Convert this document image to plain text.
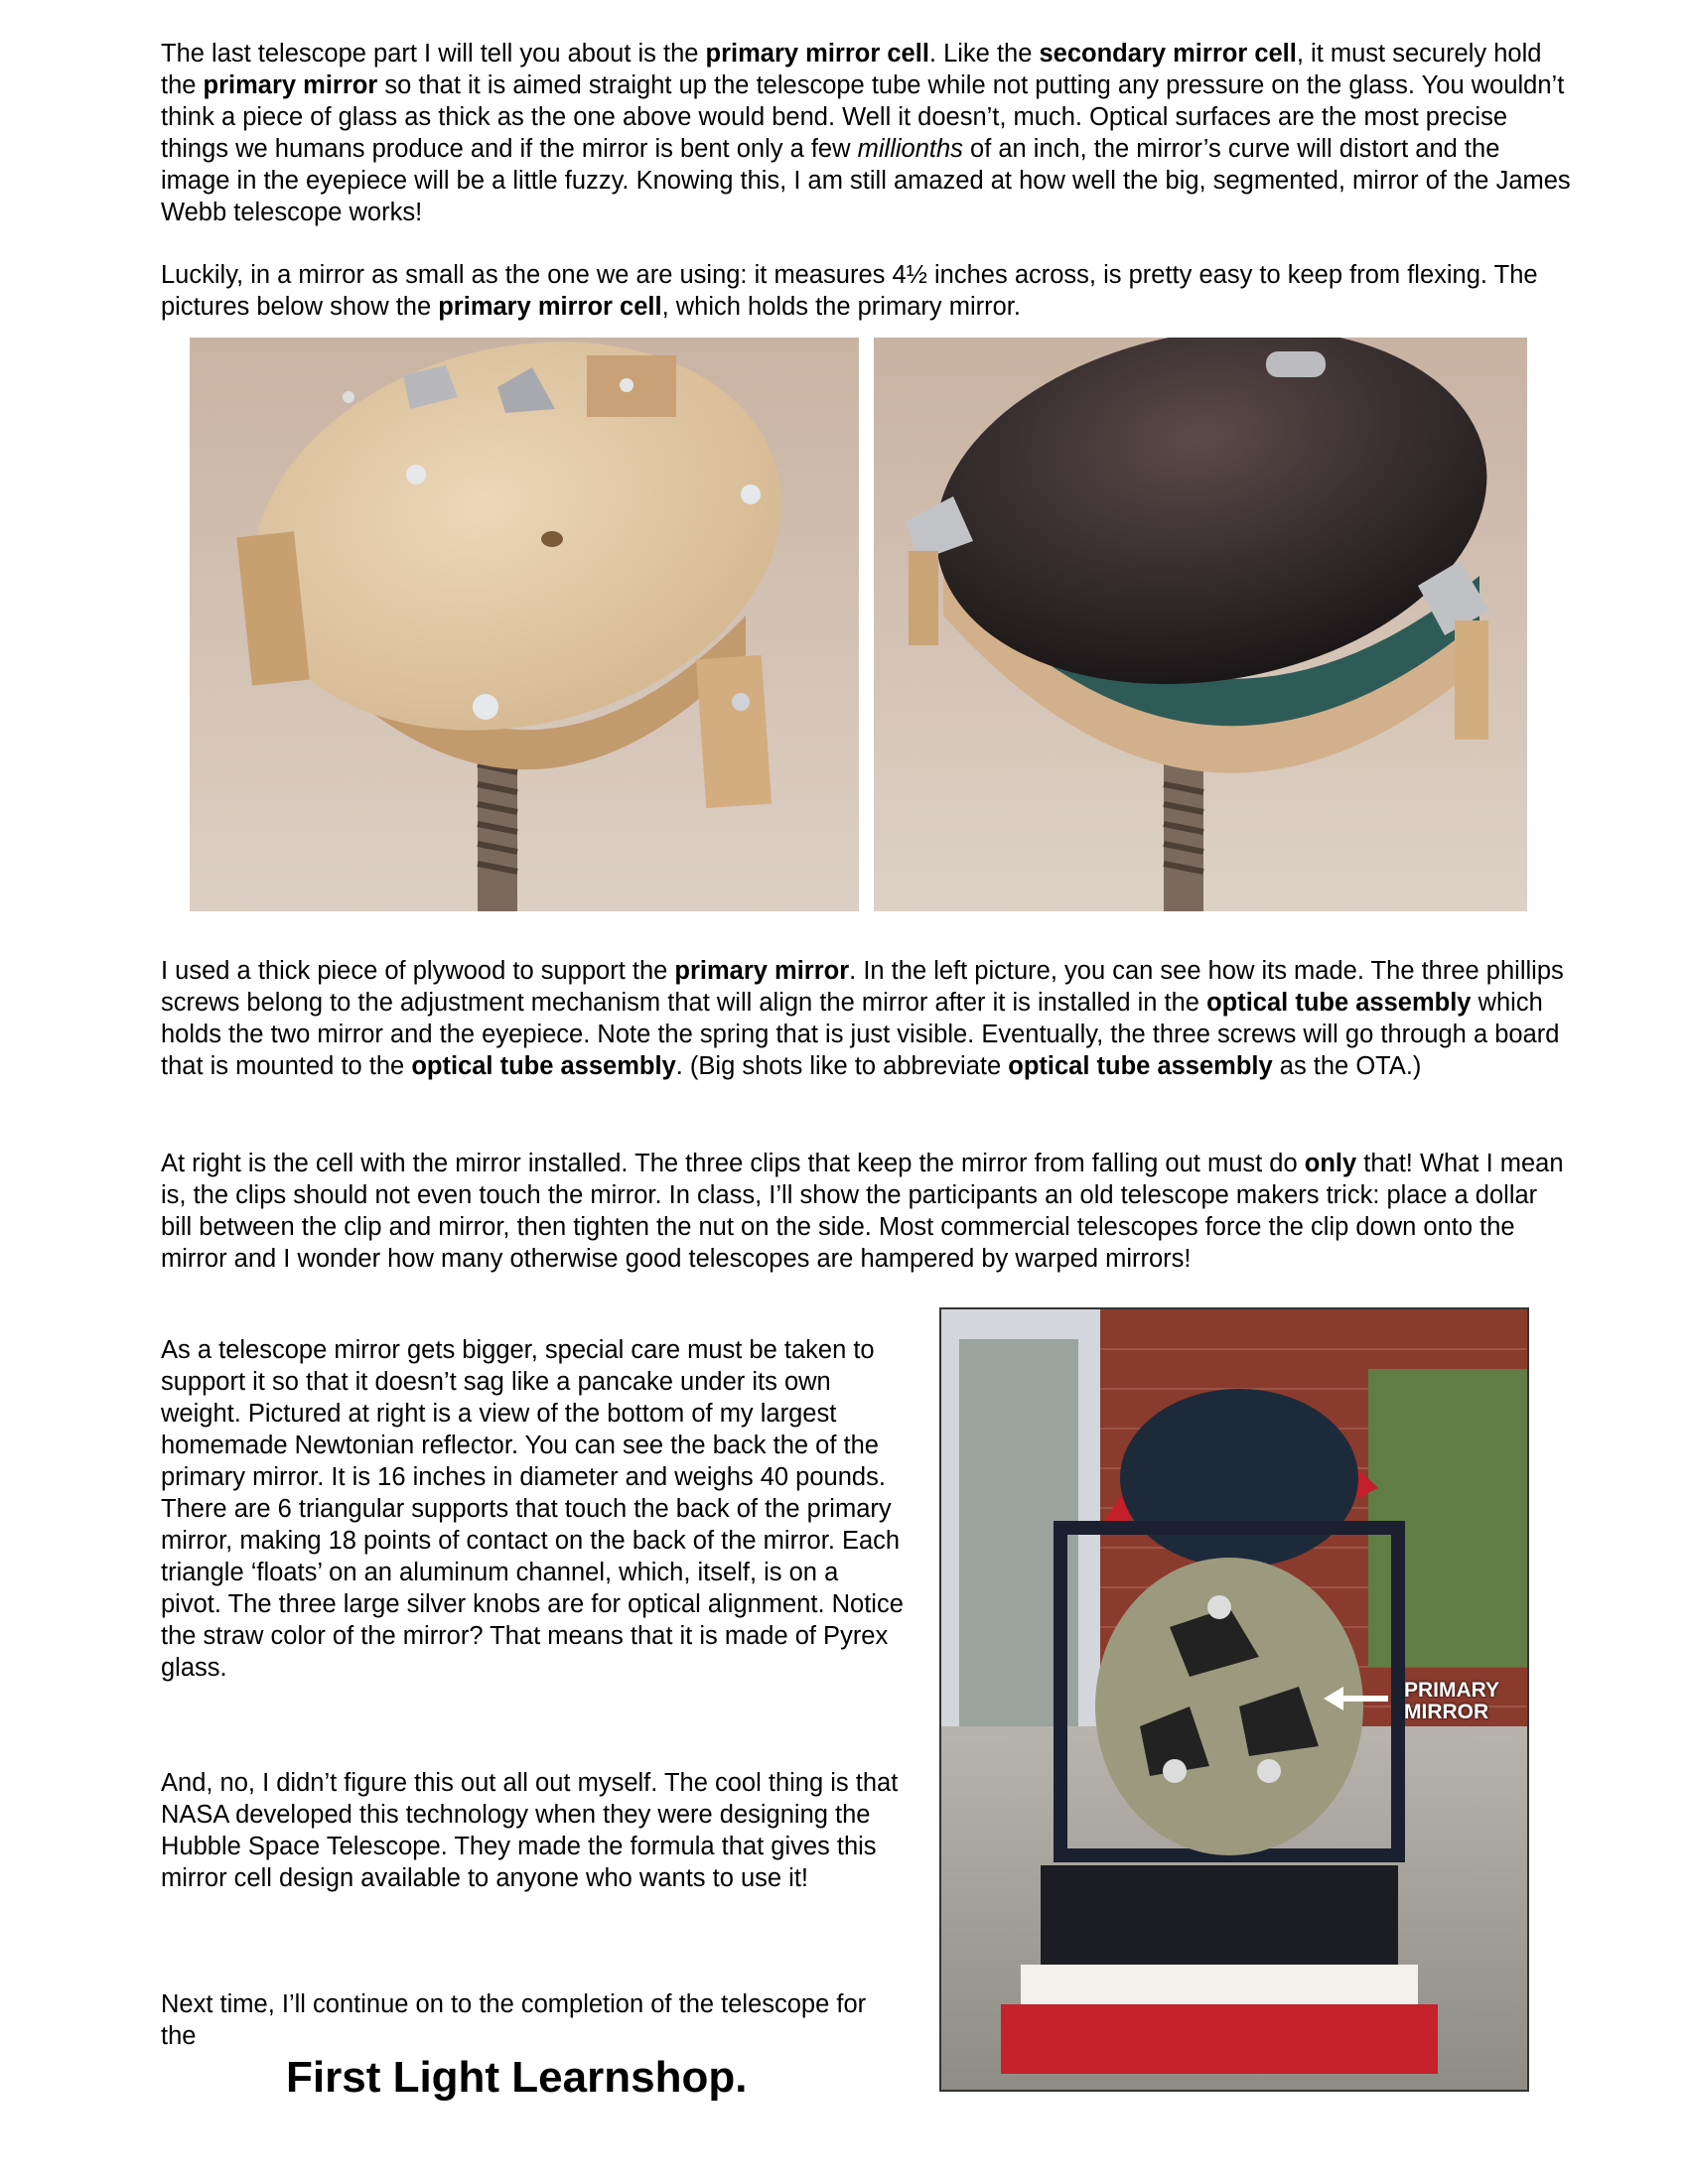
The last telescope part I will tell you about is the primary mirror cell. Like the secondary mirror cell, it must securely hold the primary mirror so that it is aimed straight up the telescope tube while not putting any pressure on the glass. You wouldn’t think a piece of glass as thick as the one above would bend. Well it doesn’t, much. Optical surfaces are the most precise things we humans produce and if the mirror is bent only a few millionths of an inch, the mirror’s curve will distort and the image in the eyepiece will be a little fuzzy. Knowing this, I am still amazed at how well the big, segmented, mirror of the James Webb telescope works!
Luckily, in a mirror as small as the one we are using: it measures 4½ inches across, is pretty easy to keep from flexing. The pictures below show the primary mirror cell, which holds the primary mirror.
I used a thick piece of plywood to support the primary mirror. In the left picture, you can see how its made. The three phillips screws belong to the adjustment mechanism that will align the mirror after it is installed in the optical tube assembly which holds the two mirror and the eyepiece. Note the spring that is just visible. Eventually, the three screws will go through a board that is mounted to the optical tube assembly. (Big shots like to abbreviate optical tube assembly as the OTA.)
At right is the cell with the mirror installed. The three clips that keep the mirror from falling out must do only that! What I mean is, the clips should not even touch the mirror. In class, I’ll show the participants an old telescope makers trick: place a dollar bill between the clip and mirror, then tighten the nut on the side. Most commercial telescopes force the clip down onto the mirror and I wonder how many otherwise good telescopes are hampered by warped mirrors!
As a telescope mirror gets bigger, special care must be taken to support it so that it doesn’t sag like a pancake under its own weight. Pictured at right is a view of the bottom of my largest homemade Newtonian reflector. You can see the back the of the primary mirror. It is 16 inches in diameter and weighs 40 pounds. There are 6 triangular supports that touch the back of the primary mirror, making 18 points of contact on the back of the mirror. Each triangle ‘floats’ on an aluminum channel, which, itself, is on a pivot. The three large silver knobs are for optical alignment. Notice the straw color of the mirror? That means that it is made of Pyrex glass.
PRIMARY
MIRROR
And, no, I didn’t figure this out all out myself. The cool thing is that NASA developed this technology when they were designing the Hubble Space Telescope. They made the formula that gives this mirror cell design available to anyone who wants to use it!
Next time, I’ll continue on to the completion of the telescope for the
First Light Learnshop.
